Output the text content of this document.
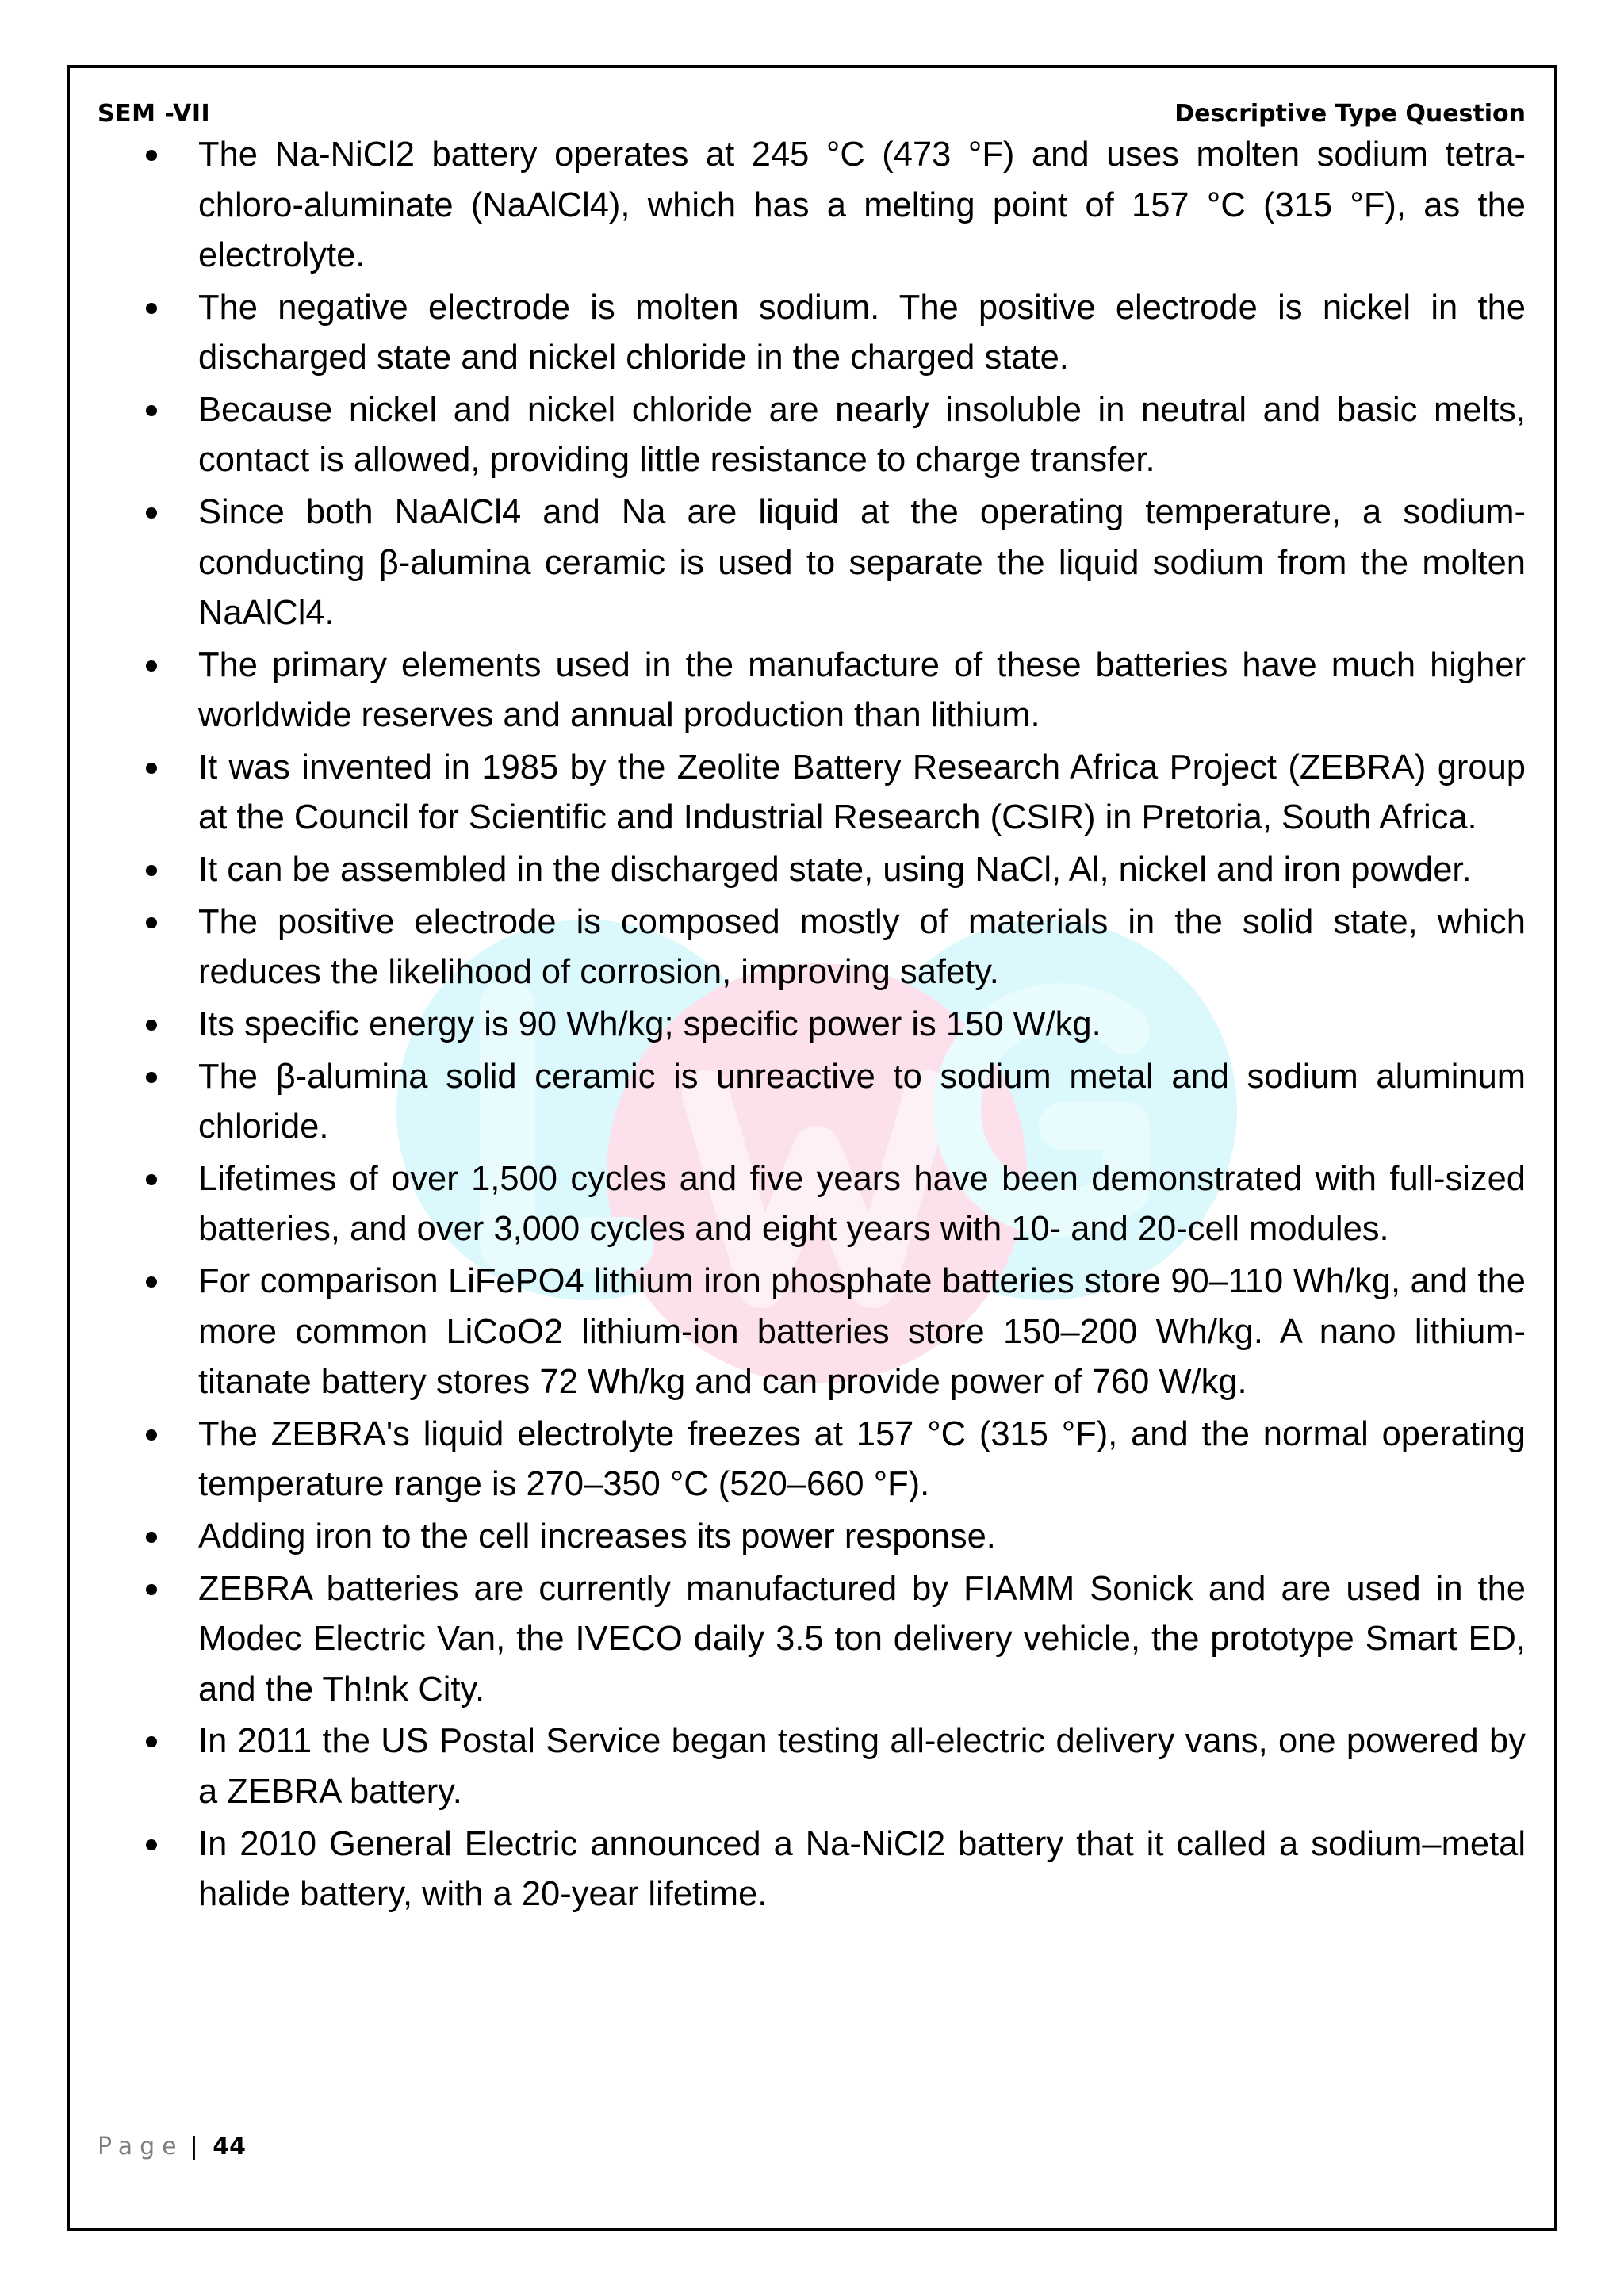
SEM -VII	Descriptive Type Question
The Na-NiCl2 battery operates at 245 °C (473 °F) and uses molten sodium tetra-chloro-aluminate (NaAlCl4), which has a melting point of 157 °C (315 °F), as the electrolyte.
The negative electrode is molten sodium. The positive electrode is nickel in the discharged state and nickel chloride in the charged state.
Because nickel and nickel chloride are nearly insoluble in neutral and basic melts, contact is allowed, providing little resistance to charge transfer.
Since both NaAlCl4 and Na are liquid at the operating temperature, a sodium-conducting β-alumina ceramic is used to separate the liquid sodium from the molten NaAlCl4.
The primary elements used in the manufacture of these batteries have much higher worldwide reserves and annual production than lithium.
It was invented in 1985 by the Zeolite Battery Research Africa Project (ZEBRA) group at the Council for Scientific and Industrial Research (CSIR) in Pretoria, South Africa.
It can be assembled in the discharged state, using NaCl, Al, nickel and iron powder.
The positive electrode is composed mostly of materials in the solid state, which reduces the likelihood of corrosion, improving safety.
Its specific energy is 90 Wh/kg; specific power is 150 W/kg.
The β-alumina solid ceramic is unreactive to sodium metal and sodium aluminum chloride.
Lifetimes of over 1,500 cycles and five years have been demonstrated with full-sized batteries, and over 3,000 cycles and eight years with 10- and 20-cell modules.
For comparison LiFePO4 lithium iron phosphate batteries store 90–110 Wh/kg, and the more common LiCoO2 lithium-ion batteries store 150–200 Wh/kg. A nano lithium-titanate battery stores 72 Wh/kg and can provide power of 760 W/kg.
The ZEBRA's liquid electrolyte freezes at 157 °C (315 °F), and the normal operating temperature range is 270–350 °C (520–660 °F).
Adding iron to the cell increases its power response.
ZEBRA batteries are currently manufactured by FIAMM Sonick and are used in the Modec Electric Van, the IVECO daily 3.5 ton delivery vehicle, the prototype Smart ED, and the Th!nk City.
In 2011 the US Postal Service began testing all-electric delivery vans, one powered by a ZEBRA battery.
In 2010 General Electric announced a Na-NiCl2 battery that it called a sodium–metal halide battery, with a 20-year lifetime.
Page | 44
